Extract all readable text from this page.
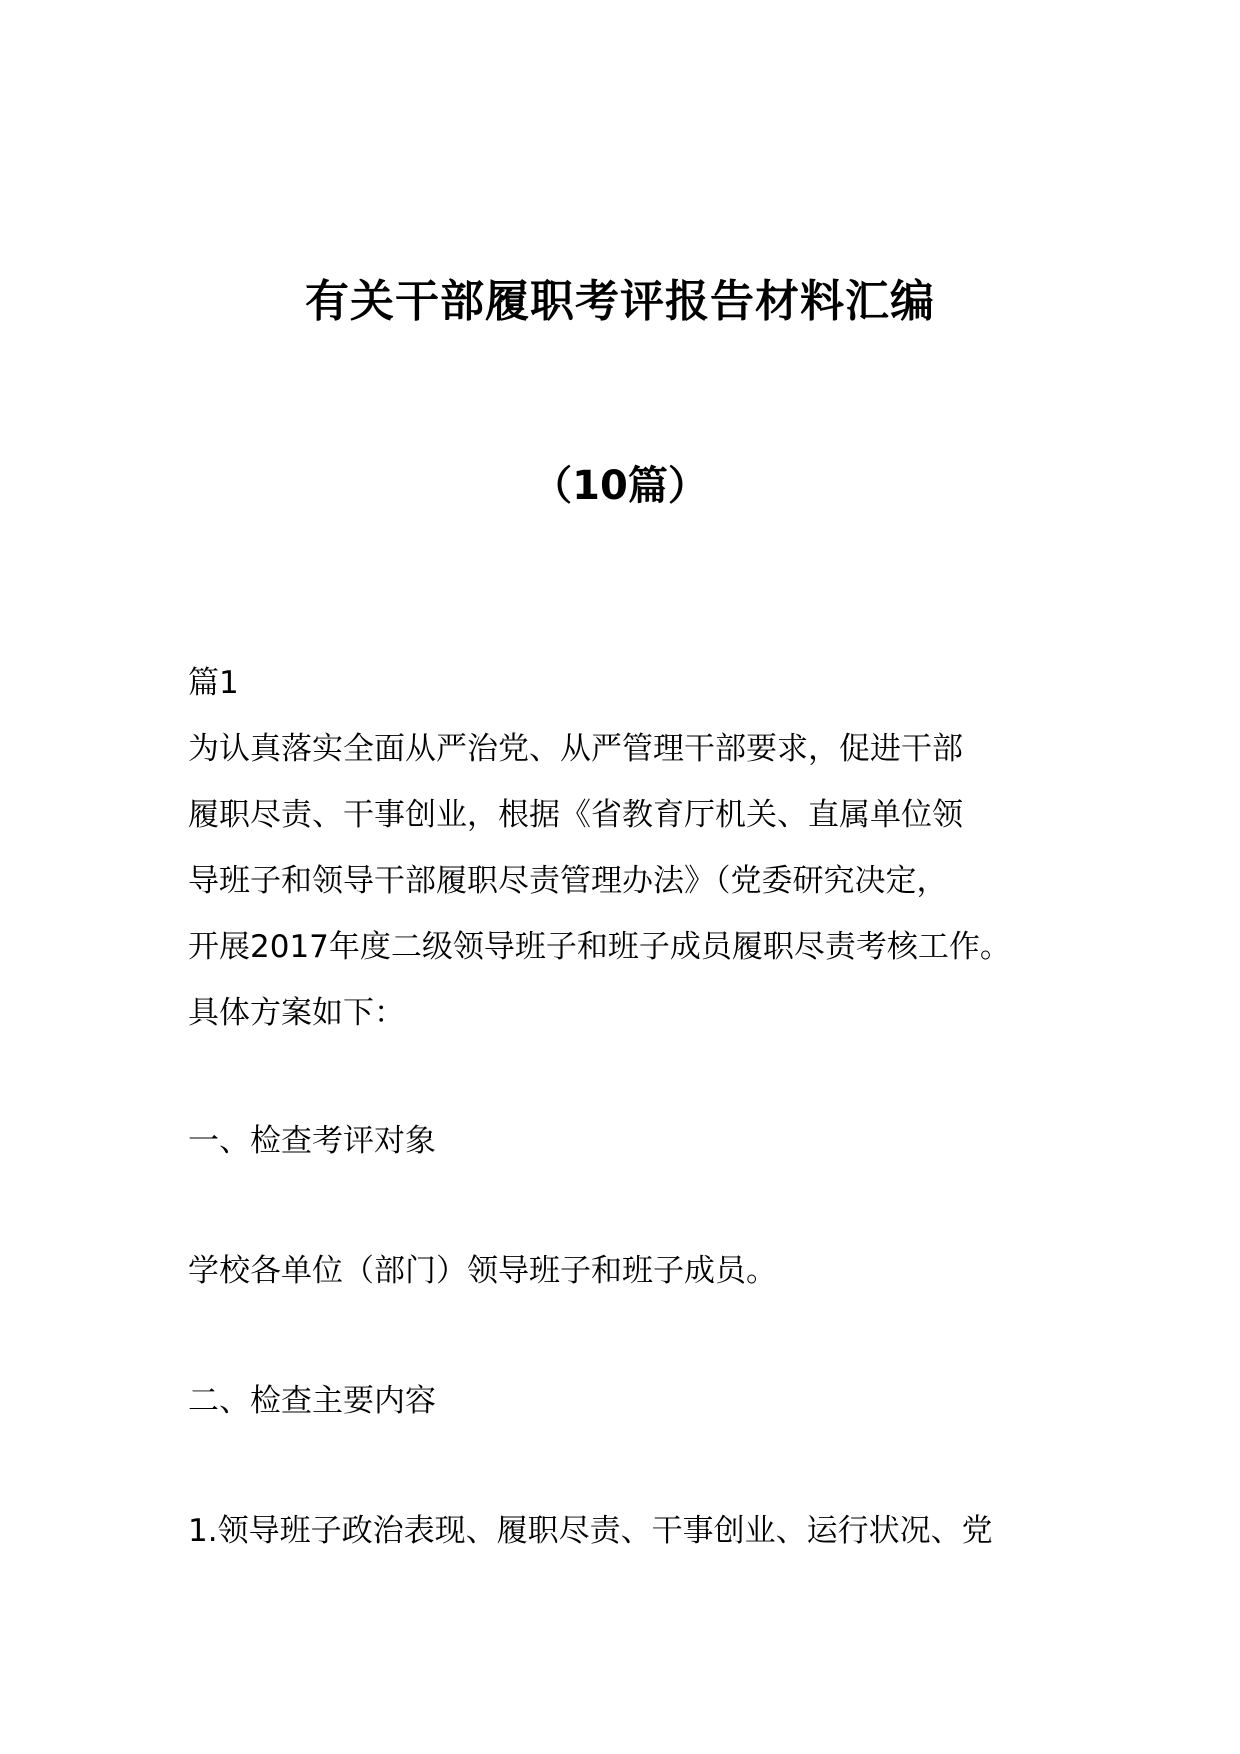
有关干部履职考评报告材料汇编
（10篇）
篇1
为认真落实全面从严治党、从严管理干部要求，促进干部
履职尽责、干事创业，根据《省教育厅机关、直属单位领
导班子和领导干部履职尽责管理办法》（党委研究决定，
开展2017年度二级领导班子和班子成员履职尽责考核工作。
具体方案如下：
一、检查考评对象
学校各单位（部门）领导班子和班子成员。
二、检查主要内容
1.领导班子政治表现、履职尽责、干事创业、运行状况、党
